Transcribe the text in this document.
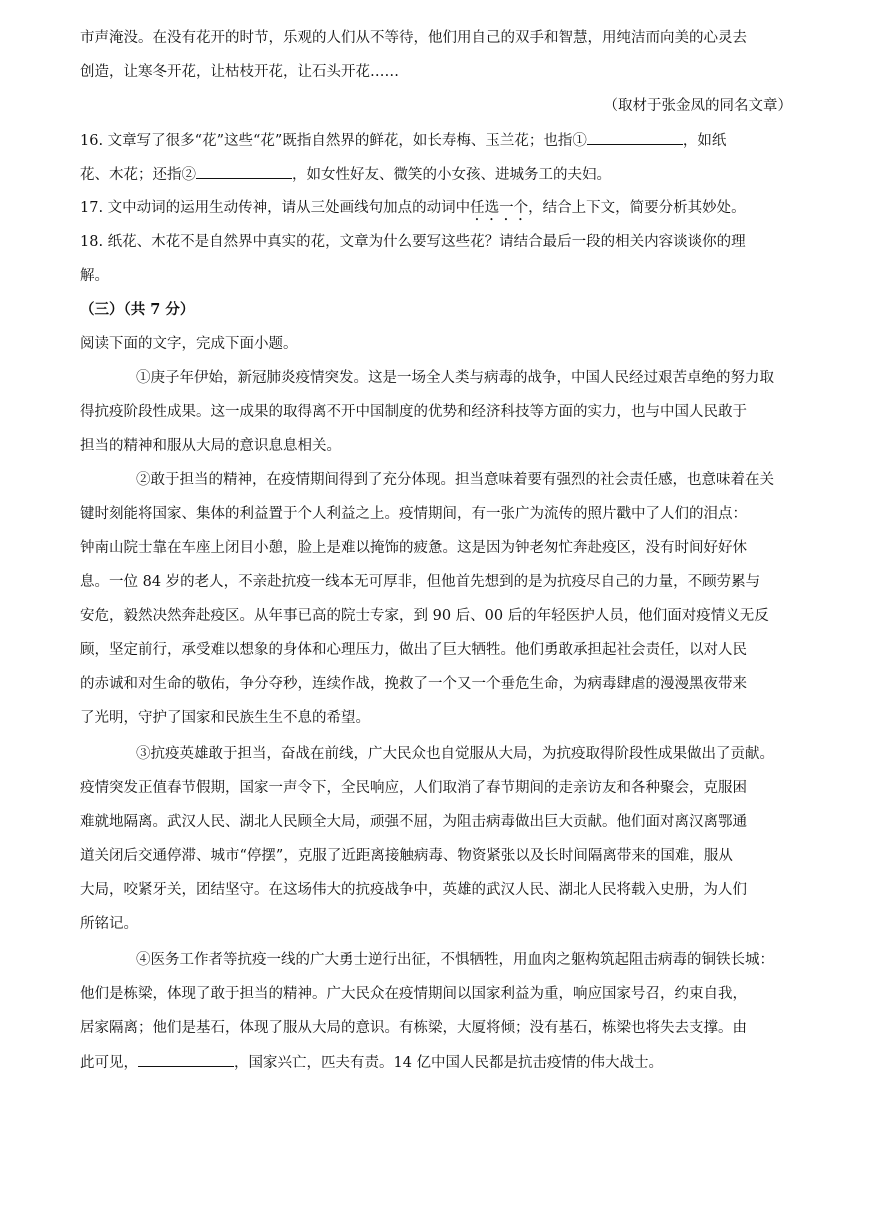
市声淹没。在没有花开的时节，乐观的人们从不等待，他们用自己的双手和智慧，用纯洁而向美的心灵去
创造，让寒冬开花，让枯枝开花，让石头开花……
（取材于张金凤的同名文章）
16. 文章写了很多“花”这些“花”既指自然界的鲜花，如长寿梅、玉兰花；也指①	，如纸
花、木花；还指②	，如女性好友、微笑的小女孩、进城务工的夫妇。
17. 文中动词的运用生动传神，请从三处画线句加点的动词中任选一个，结合上下文，简要分析其妙处。
18. 纸花、木花不是自然界中真实的花，文章为什么要写这些花？请结合最后一段的相关内容谈谈你的理
解。
（三）（共 7 分）
阅读下面的文字，完成下面小题。
①庚子年伊始，新冠肺炎疫情突发。这是一场全人类与病毒的战争，中国人民经过艰苦卓绝的努力取
得抗疫阶段性成果。这一成果的取得离不开中国制度的优势和经济科技等方面的实力，也与中国人民敢于
担当的精神和服从大局的意识息息相关。
②敢于担当的精神，在疫情期间得到了充分体现。担当意味着要有强烈的社会责任感，也意味着在关
键时刻能将国家、集体的利益置于个人利益之上。疫情期间，有一张广为流传的照片戳中了人们的泪点：
钟南山院士靠在车座上闭目小憩，脸上是难以掩饰的疲惫。这是因为钟老匆忙奔赴疫区，没有时间好好休
息。一位 84 岁的老人，不亲赴抗疫一线本无可厚非，但他首先想到的是为抗疫尽自己的力量，不顾劳累与
安危，毅然决然奔赴疫区。从年事已高的院士专家，到 90 后、00 后的年轻医护人员，他们面对疫情义无反
顾，坚定前行，承受难以想象的身体和心理压力，做出了巨大牺牲。他们勇敢承担起社会责任，以对人民
的赤诚和对生命的敬佑，争分夺秒，连续作战，挽救了一个又一个垂危生命，为病毒肆虐的漫漫黑夜带来
了光明，守护了国家和民族生生不息的希望。
③抗疫英雄敢于担当，奋战在前线，广大民众也自觉服从大局，为抗疫取得阶段性成果做出了贡献。
疫情突发正值春节假期，国家一声令下，全民响应，人们取消了春节期间的走亲访友和各种聚会，克服困
难就地隔离。武汉人民、湖北人民顾全大局，顽强不屈，为阻击病毒做出巨大贡献。他们面对离汉离鄂通
道关闭后交通停滞、城市“停摆”，克服了近距离接触病毒、物资紧张以及长时间隔离带来的国难，服从
大局，咬紧牙关，团结坚守。在这场伟大的抗疫战争中，英雄的武汉人民、湖北人民将载入史册，为人们
所铭记。
④医务工作者等抗疫一线的广大勇士逆行出征，不惧牺牲，用血肉之躯构筑起阻击病毒的铜铁长城：
他们是栋梁，体现了敢于担当的精神。广大民众在疫情期间以国家利益为重，响应国家号召，约束自我，
居家隔离；他们是基石，体现了服从大局的意识。有栋梁，大厦将倾；没有基石，栋梁也将失去支撑。由
此可见，	，国家兴亡，匹夫有责。14 亿中国人民都是抗击疫情的伟大战士。
